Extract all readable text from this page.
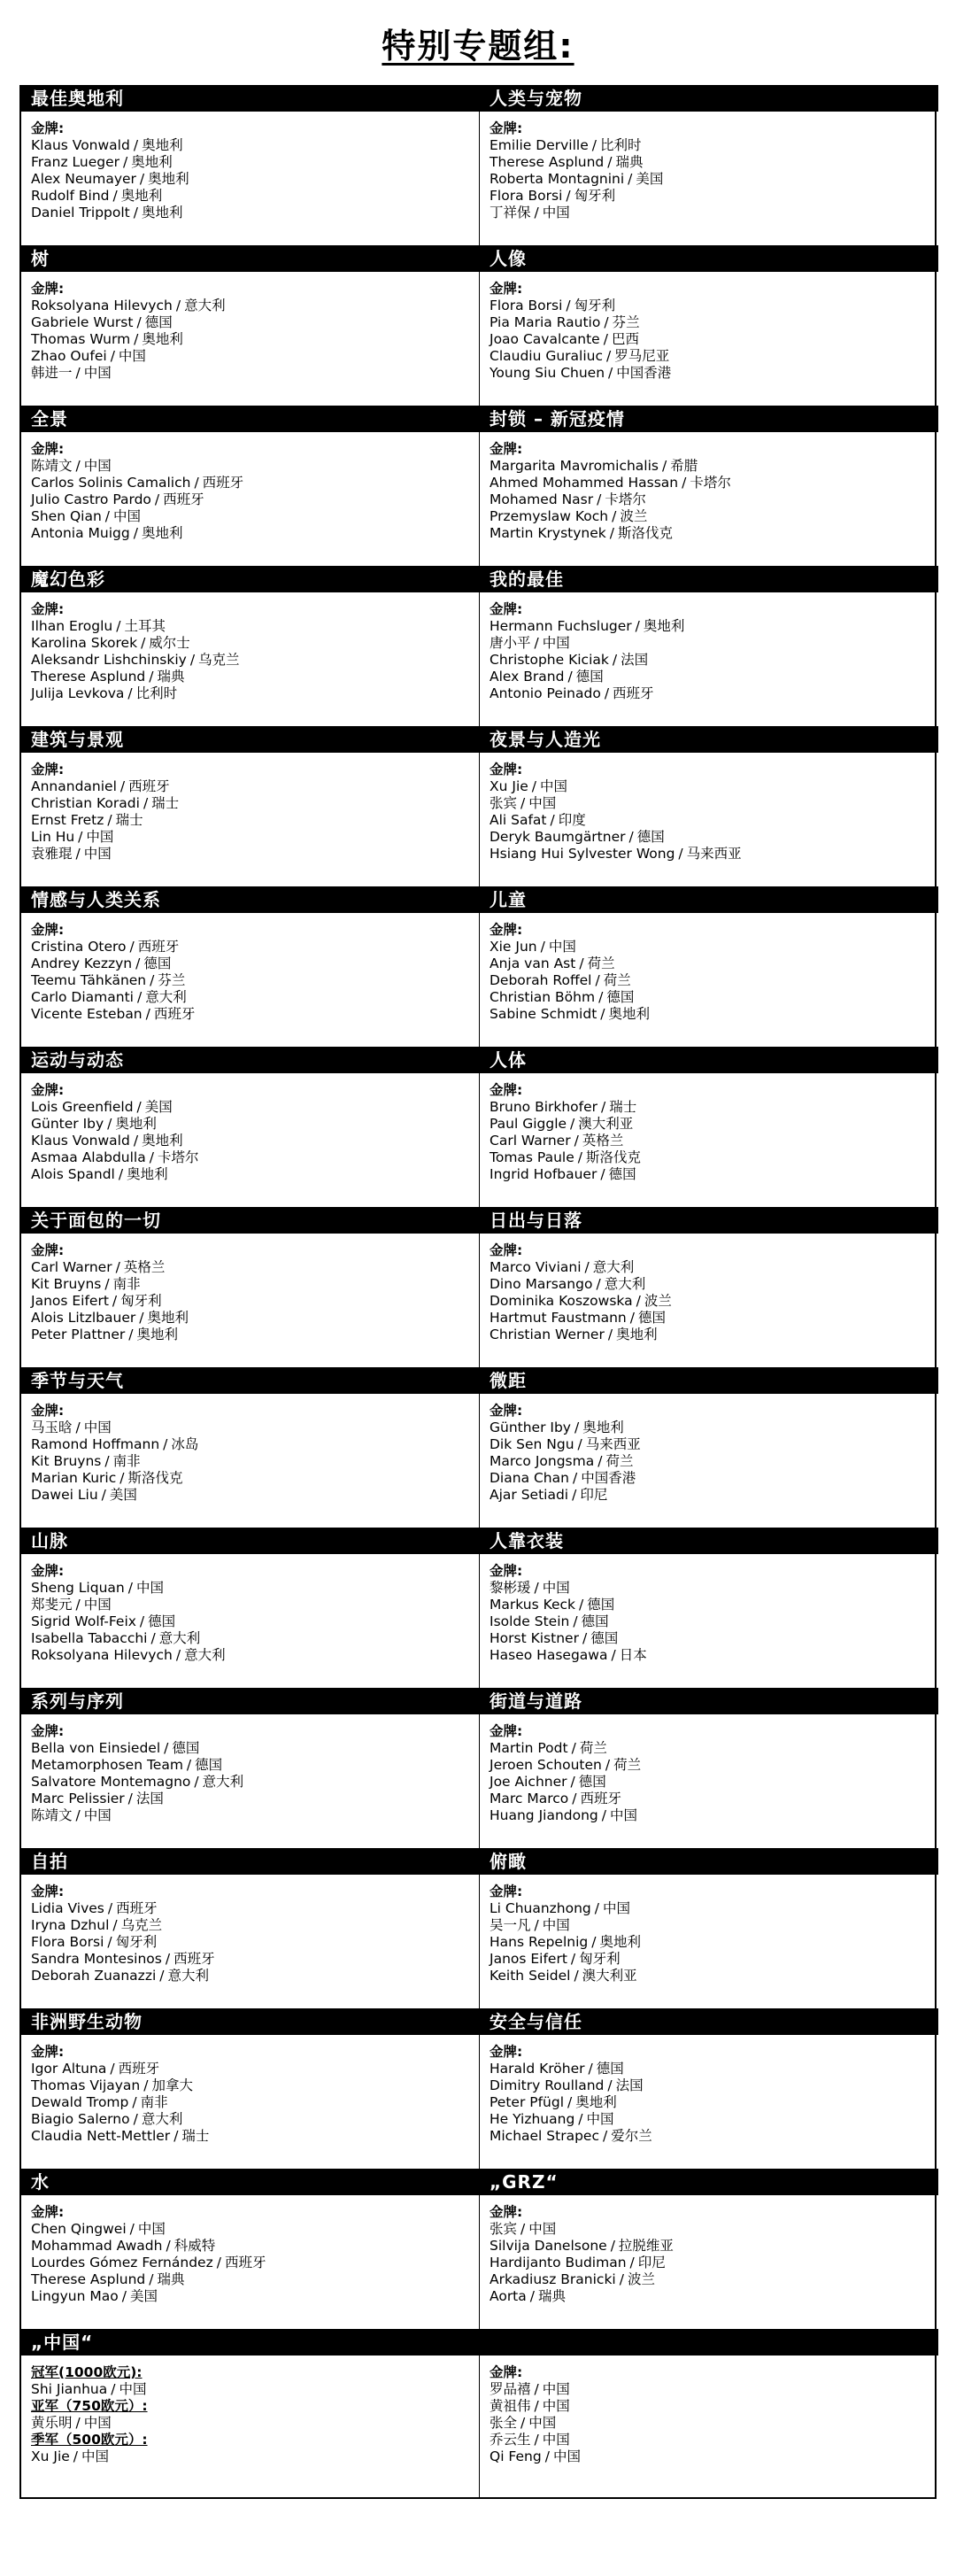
特别专题组:
最佳奥地利
金牌:
Klaus Vonwald / 奥地利
Franz Lueger / 奥地利
Alex Neumayer / 奥地利
Rudolf Bind / 奥地利
Daniel Trippolt / 奥地利
人类与宠物
金牌:
Emilie Derville / 比利时
Therese Asplund / 瑞典
Roberta Montagnini / 美国
Flora Borsi / 匈牙利
丁祥保 / 中国
树
金牌:
Roksolyana Hilevych / 意大利
Gabriele Wurst / 德国
Thomas Wurm / 奥地利
Zhao Oufei / 中国
韩进一 / 中国
人像
金牌:
Flora Borsi / 匈牙利
Pia Maria Rautio / 芬兰
Joao Cavalcante / 巴西
Claudiu Guraliuc / 罗马尼亚
Young Siu Chuen / 中国香港
全景
金牌:
陈靖文 / 中国
Carlos Solinis Camalich / 西班牙
Julio Castro Pardo / 西班牙
Shen Qian / 中国
Antonia Muigg / 奥地利
封锁 – 新冠疫情
金牌:
Margarita Mavromichalis / 希腊
Ahmed Mohammed Hassan / 卡塔尔
Mohamed Nasr / 卡塔尔
Przemyslaw Koch / 波兰
Martin Krystynek / 斯洛伐克
魔幻色彩
金牌:
Ilhan Eroglu / 土耳其
Karolina Skorek / 威尔士
Aleksandr Lishchinskiy / 乌克兰
Therese Asplund / 瑞典
Julija Levkova / 比利时
我的最佳
金牌:
Hermann Fuchsluger / 奥地利
唐小平 / 中国
Christophe Kiciak / 法国
Alex Brand / 德国
Antonio Peinado / 西班牙
建筑与景观
金牌:
Annandaniel / 西班牙
Christian Koradi / 瑞士
Ernst Fretz / 瑞士
Lin Hu / 中国
袁雅琨 / 中国
夜景与人造光
金牌:
Xu Jie / 中国
张宾 / 中国
Ali Safat / 印度
Deryk Baumgärtner / 德国
Hsiang Hui Sylvester Wong / 马来西亚
情感与人类关系
金牌:
Cristina Otero / 西班牙
Andrey Kezzyn / 德国
Teemu Tähkänen / 芬兰
Carlo Diamanti / 意大利
Vicente Esteban / 西班牙
儿童
金牌:
Xie Jun / 中国
Anja van Ast / 荷兰
Deborah Roffel / 荷兰
Christian Böhm / 德国
Sabine Schmidt / 奥地利
运动与动态
金牌:
Lois Greenfield / 美国
Günter Iby / 奥地利
Klaus Vonwald / 奥地利
Asmaa Alabdulla / 卡塔尔
Alois Spandl / 奥地利
人体
金牌:
Bruno Birkhofer / 瑞士
Paul Giggle / 澳大利亚
Carl Warner / 英格兰
Tomas Paule / 斯洛伐克
Ingrid Hofbauer / 德国
关于面包的一切
金牌:
Carl Warner / 英格兰
Kit Bruyns / 南非
Janos Eifert / 匈牙利
Alois Litzlbauer / 奥地利
Peter Plattner / 奥地利
日出与日落
金牌:
Marco Viviani / 意大利
Dino Marsango / 意大利
Dominika Koszowska / 波兰
Hartmut Faustmann / 德国
Christian Werner / 奥地利
季节与天气
金牌:
马玉晗 / 中国
Ramond Hoffmann / 冰岛
Kit Bruyns / 南非
Marian Kuric / 斯洛伐克
Dawei Liu / 美国
微距
金牌:
Günther Iby / 奥地利
Dik Sen Ngu / 马来西亚
Marco Jongsma / 荷兰
Diana Chan / 中国香港
Ajar Setiadi / 印尼
山脉
金牌:
Sheng Liquan / 中国
郑斐元 / 中国
Sigrid Wolf-Feix / 德国
Isabella Tabacchi / 意大利
Roksolyana Hilevych / 意大利
人靠衣装
金牌:
黎彬瑗 / 中国
Markus Keck / 德国
Isolde Stein / 德国
Horst Kistner / 德国
Haseo Hasegawa / 日本
系列与序列
金牌:
Bella von Einsiedel / 德国
Metamorphosen Team / 德国
Salvatore Montemagno / 意大利
Marc Pelissier / 法国
陈靖文 / 中国
街道与道路
金牌:
Martin Podt / 荷兰
Jeroen Schouten / 荷兰
Joe Aichner / 德国
Marc Marco / 西班牙
Huang Jiandong / 中国
自拍
金牌:
Lidia Vives / 西班牙
Iryna Dzhul / 乌克兰
Flora Borsi / 匈牙利
Sandra Montesinos / 西班牙
Deborah Zuanazzi / 意大利
俯瞰
金牌:
Li Chuanzhong / 中国
吴一凡 / 中国
Hans Repelnig / 奥地利
Janos Eifert / 匈牙利
Keith Seidel / 澳大利亚
非洲野生动物
金牌:
Igor Altuna / 西班牙
Thomas Vijayan / 加拿大
Dewald Tromp / 南非
Biagio Salerno / 意大利
Claudia Nett-Mettler / 瑞士
安全与信任
金牌:
Harald Kröher / 德国
Dimitry Roulland / 法国
Peter Pfügl / 奥地利
He Yizhuang / 中国
Michael Strapec / 爱尔兰
水
金牌:
Chen Qingwei / 中国
Mohammad Awadh / 科威特
Lourdes Gómez Fernández / 西班牙
Therese Asplund / 瑞典
Lingyun Mao / 美国
„GRZ“
金牌:
张宾 / 中国
Silvija Danelsone / 拉脱维亚
Hardijanto Budiman / 印尼
Arkadiusz Branicki / 波兰
Aorta / 瑞典
„中国“
冠军(1000欧元):
Shi Jianhua / 中国
亚军（750欧元）:
黄乐明 / 中国
季军（500欧元）:
Xu Jie / 中国
金牌:
罗品禧 / 中国
黄祖伟 / 中国
张全 / 中国
乔云生 / 中国
Qi Feng / 中国
